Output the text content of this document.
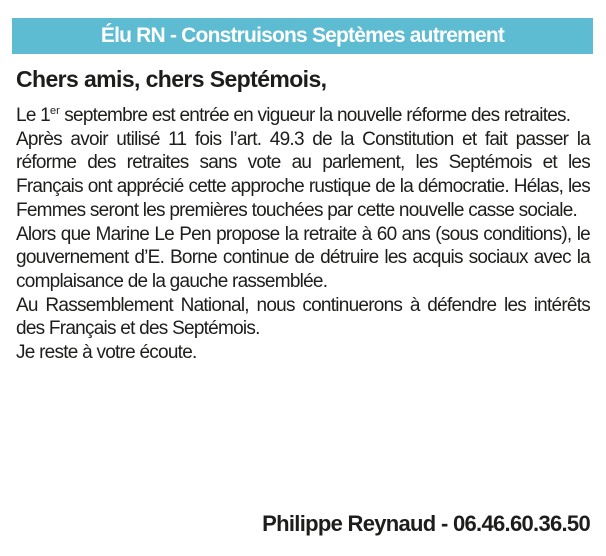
Élu RN - Construisons Septèmes autrement
Chers amis, chers Septémois,

Le 1er septembre est entrée en vigueur la nouvelle réforme des retraites.

Après avoir utilisé 11 fois l’art. 49.3 de la Constitution et fait passer la réforme des retraites sans vote au parlement, les Septémois et les Français ont apprécié cette approche rustique de la démocratie. Hélas, les Femmes seront les premières touchées par cette nouvelle casse sociale.

Alors que Marine Le Pen propose la retraite à 60 ans (sous conditions), le gouvernement d’E. Borne continue de détruire les acquis sociaux avec la complaisance de la gauche rassemblée.

Au Rassemblement National, nous continuerons à défendre les intérêts des Français et des Septémois.

Je reste à votre écoute.

Philippe Reynaud - 06.46.60.36.50
